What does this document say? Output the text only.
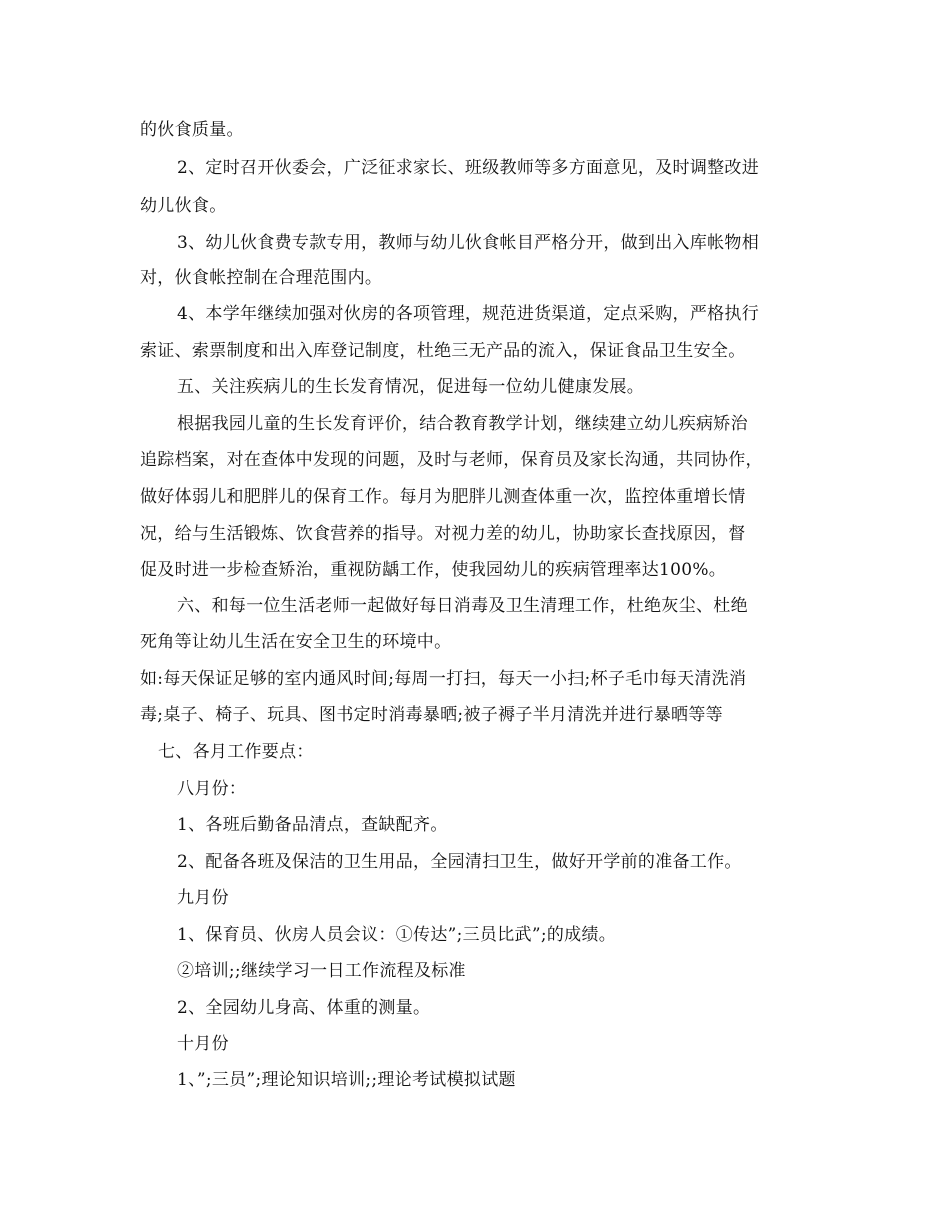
的伙食质量。
2、定时召开伙委会，广泛征求家长、班级教师等多方面意见，及时调整改进
幼儿伙食。
3、幼儿伙食费专款专用，教师与幼儿伙食帐目严格分开，做到出入库帐物相
对，伙食帐控制在合理范围内。
4、本学年继续加强对伙房的各项管理，规范进货渠道，定点采购，严格执行
索证、索票制度和出入库登记制度，杜绝三无产品的流入，保证食品卫生安全。
五、关注疾病儿的生长发育情况，促进每一位幼儿健康发展。
根据我园儿童的生长发育评价，结合教育教学计划，继续建立幼儿疾病矫治
追踪档案，对在查体中发现的问题，及时与老师，保育员及家长沟通，共同协作，
做好体弱儿和肥胖儿的保育工作。每月为肥胖儿测查体重一次，监控体重增长情
况，给与生活锻炼、饮食营养的指导。对视力差的幼儿，协助家长查找原因，督
促及时进一步检查矫治，重视防龋工作，使我园幼儿的疾病管理率达100%。
六、和每一位生活老师一起做好每日消毒及卫生清理工作，杜绝灰尘、杜绝
死角等让幼儿生活在安全卫生的环境中。
如:每天保证足够的室内通风时间;每周一打扫，每天一小扫;杯子毛巾每天清洗消
毒;桌子、椅子、玩具、图书定时消毒暴晒;被子褥子半月清洗并进行暴晒等等
七、各月工作要点：
八月份：
1、各班后勤备品清点，查缺配齐。
2、配备各班及保洁的卫生用品，全园清扫卫生，做好开学前的准备工作。
九月份
1、保育员、伙房人员会议：①传达”;三员比武”;的成绩。
②培训;;继续学习一日工作流程及标准
2、全园幼儿身高、体重的测量。
十月份
1、”;三员”;理论知识培训;;理论考试模拟试题
